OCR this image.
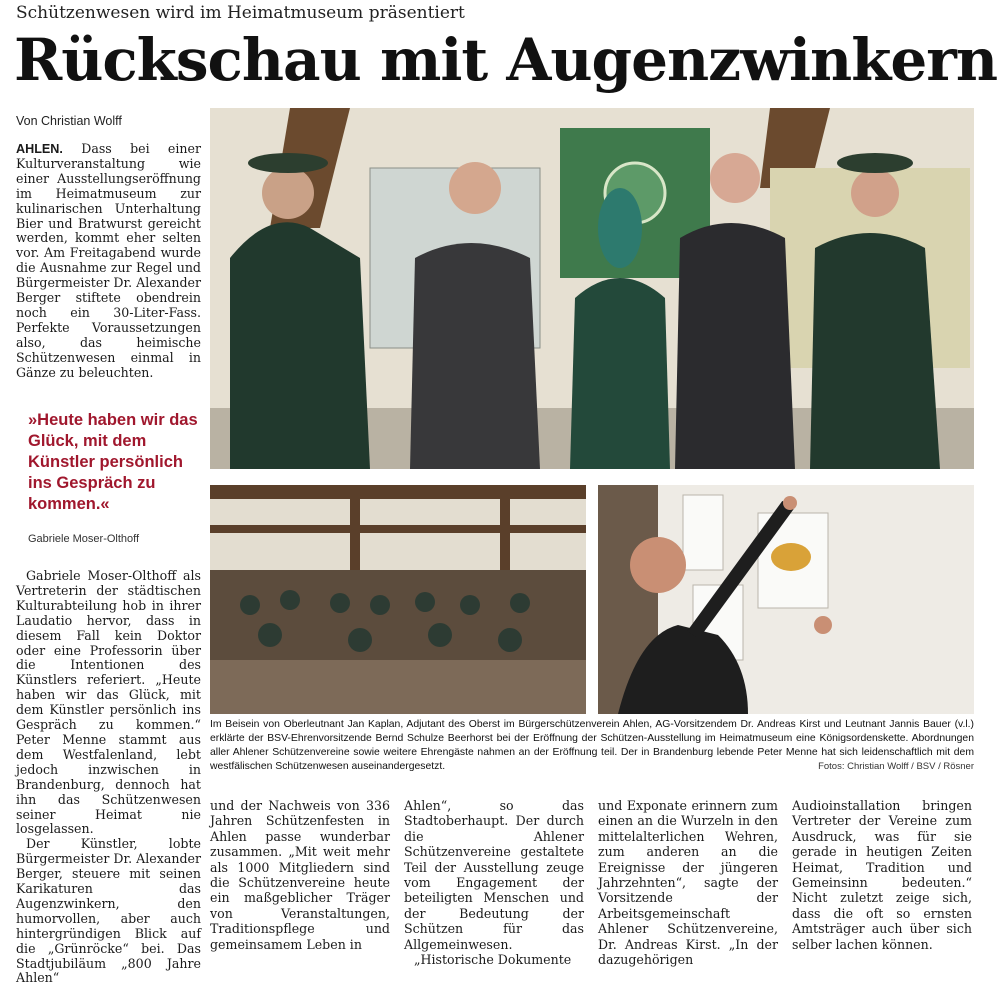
Schützenwesen wird im Heimatmuseum präsentiert
Rückschau mit Augenzwinkern
Von Christian Wolff
AHLEN. Dass bei einer Kulturveranstaltung wie einer Ausstellungseröffnung im Heimatmuseum zur kulinarischen Unterhaltung Bier und Bratwurst gereicht werden, kommt eher selten vor. Am Freitagabend wurde die Ausnahme zur Regel und Bürgermeister Dr. Alexander Berger stiftete obendrein noch ein 30-Liter-Fass. Perfekte Voraussetzungen also, das heimische Schützenwesen einmal in Gänze zu beleuchten.
»Heute haben wir das Glück, mit dem Künstler persönlich ins Gespräch zu kommen.«
Gabriele Moser-Olthoff
Gabriele Moser-Olthoff als Vertreterin der städtischen Kulturabteilung hob in ihrer Laudatio hervor, dass in diesem Fall kein Doktor oder eine Professorin über die Intentionen des Künstlers referiert. „Heute haben wir das Glück, mit dem Künstler persönlich ins Gespräch zu kommen.“ Peter Menne stammt aus dem Westfalenland, lebt jedoch inzwischen in Brandenburg, dennoch hat ihn das Schützenwesen seiner Heimat nie losgelassen.
Der Künstler, lobte Bürgermeister Dr. Alexander Berger, steuere mit seinen Karikaturen das Augenzwinkern, den humorvollen, aber auch hintergründigen Blick auf die „Grünröcke“ bei. Das Stadtjubiläum „800 Jahre Ahlen“
Im Beisein von Oberleutnant Jan Kaplan, Adjutant des Oberst im Bürgerschützenverein Ahlen, AG-Vorsitzendem Dr. Andreas Kirst und Leutnant Jannis Bauer (v.l.) erklärte der BSV-Ehrenvorsitzende Bernd Schulze Beerhorst bei der Eröffnung der Schützen-Ausstellung im Heimatmuseum eine Königsordenskette. Abordnungen aller Ahlener Schützenvereine sowie weitere Ehrengäste nahmen an der Eröffnung teil. Der in Brandenburg lebende Peter Menne hat sich leidenschaftlich mit dem westfälischen Schützenwesen auseinandergesetzt.	Fotos: Christian Wolff / BSV / Rösner
und der Nachweis von 336 Jahren Schützenfesten in Ahlen passe wunderbar zusammen. „Mit weit mehr als 1000 Mitgliedern sind die Schützenvereine heute ein maßgeblicher Träger von Veranstaltungen, Traditionspflege und gemeinsamem Leben in
Ahlen“, so das Stadtoberhaupt. Der durch die Ahlener Schützenvereine gestaltete Teil der Ausstellung zeuge vom Engagement der beteiligten Menschen und der Bedeutung der Schützen für das Allgemeinwesen.
„Historische Dokumente
und Exponate erinnern zum einen an die Wurzeln in den mittelalterlichen Wehren, zum anderen an die Ereignisse der jüngeren Jahrzehnten“, sagte der Vorsitzende der Arbeitsgemeinschaft Ahlener Schützenvereine, Dr. Andreas Kirst. „In der dazugehörigen
Audioinstallation bringen Vertreter der Vereine zum Ausdruck, was für sie gerade in heutigen Zeiten Heimat, Tradition und Gemeinsinn bedeuten.“ Nicht zuletzt zeige sich, dass die oft so ernsten Amtsträger auch über sich selber lachen können.
